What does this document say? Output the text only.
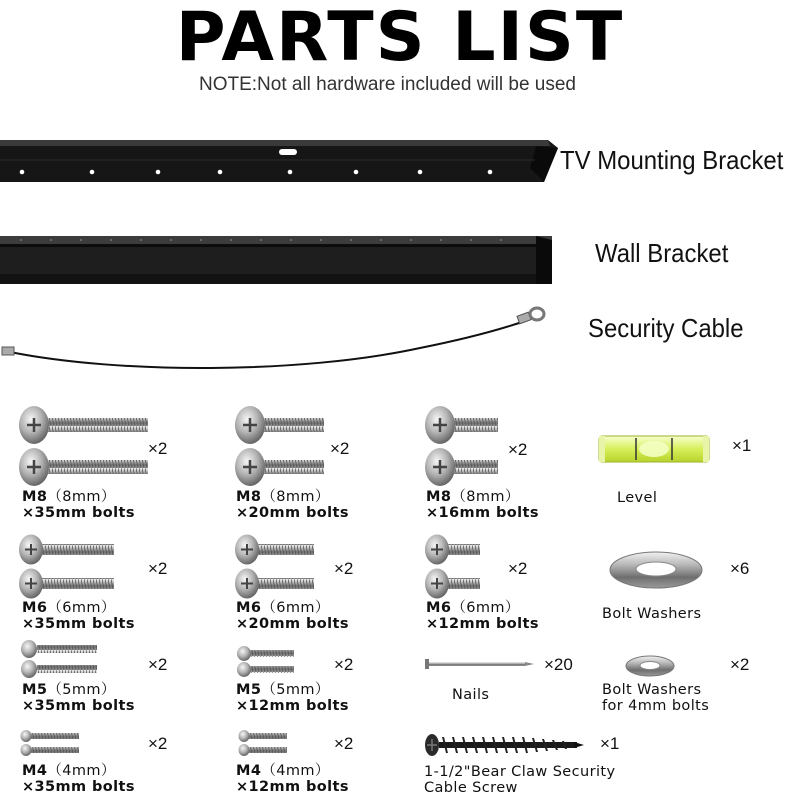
PARTS LIST
NOTE:Not all hardware included will be used
TV Mounting Bracket
Wall Bracket
Security Cable
×2
M8（8mm）
×35mm bolts
×2
M8（8mm）
×20mm bolts
×2
M8（8mm）
×16mm bolts
×1
Level
×2
M6（6mm）
×35mm bolts
×2
M6（6mm）
×20mm bolts
×2
M6（6mm）
×12mm bolts
×6
Bolt Washers
×2
M5（5mm）
×35mm bolts
×2
M5（5mm）
×12mm bolts
×20
Nails
×2
Bolt Washers
for 4mm bolts
×2
M4（4mm）
×35mm bolts
×2
M4（4mm）
×12mm bolts
×1
1-1/2"Bear Claw Security
Cable Screw
